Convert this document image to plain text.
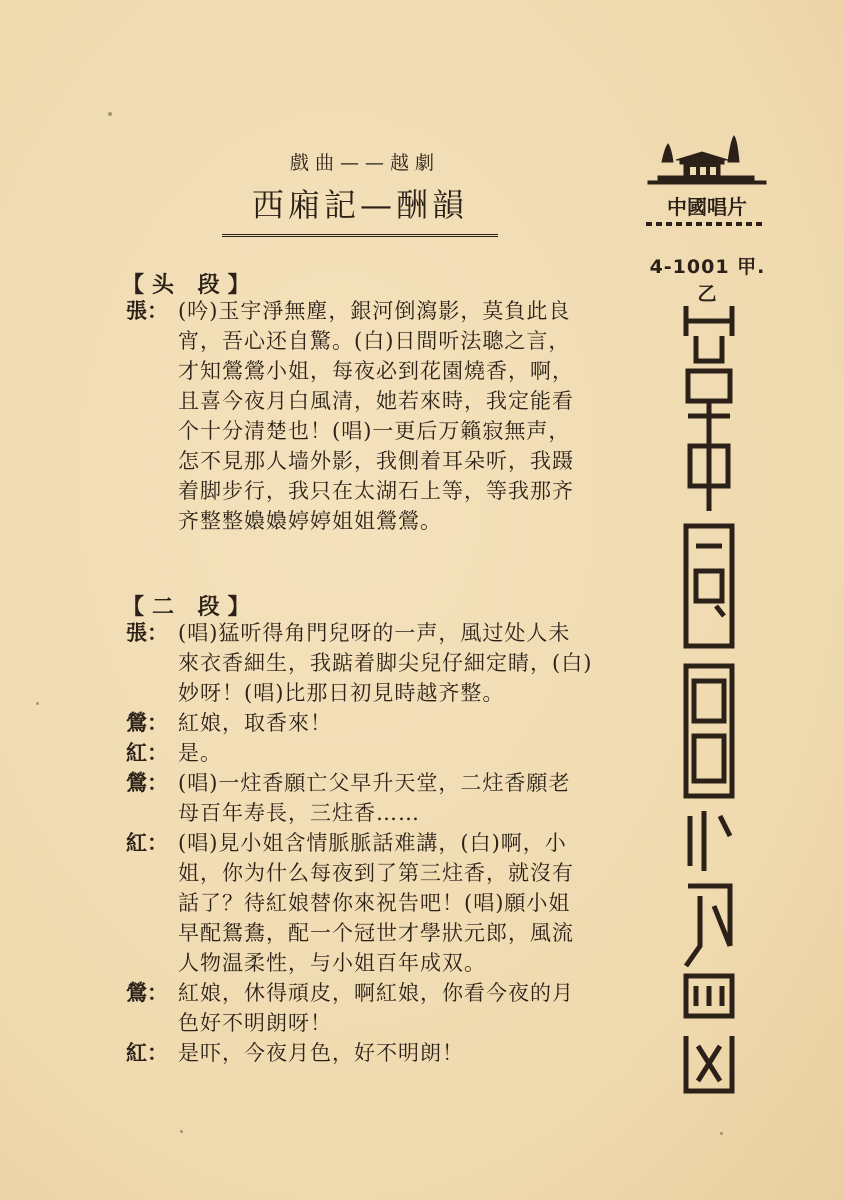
戲曲——越劇
西廂記—酬韻	中國唱片
4-1001 甲.乙
中國唱片廠
【头 段】
張： (吟)玉宇淨無塵，銀河倒瀉影，莫負此良
宵，吾心还自驚。(白)日間听法聰之言，
才知鶯鶯小姐，每夜必到花園燒香，啊，
且喜今夜月白風清，她若來時，我定能看
个十分清楚也！(唱)一更后万籟寂無声，
怎不見那人墙外影，我側着耳朵听，我蹑
着脚步行，我只在太湖石上等，等我那齐
齐整整嬝嬝婷婷姐姐鶯鶯。
【二 段】
張： (唱)猛听得角門兒呀的一声，風过处人未
來衣香細生，我踮着脚尖兒仔細定睛，(白)
妙呀！(唱)比那日初見時越齐整。
鶯： 紅娘，取香來！
紅： 是。
鶯： (唱)一炷香願亡父早升天堂，二炷香願老
母百年寿長，三炷香……
紅： (唱)見小姐含情脈脈話难講，(白)啊，小
姐，你为什么每夜到了第三炷香，就沒有
話了？待紅娘替你來祝告吧！(唱)願小姐
早配鴛鴦，配一个冠世才學狀元郎，風流
人物温柔性，与小姐百年成双。
鶯： 紅娘，休得頑皮，啊紅娘，你看今夜的月
色好不明朗呀！
紅： 是吓，今夜月色，好不明朗！
